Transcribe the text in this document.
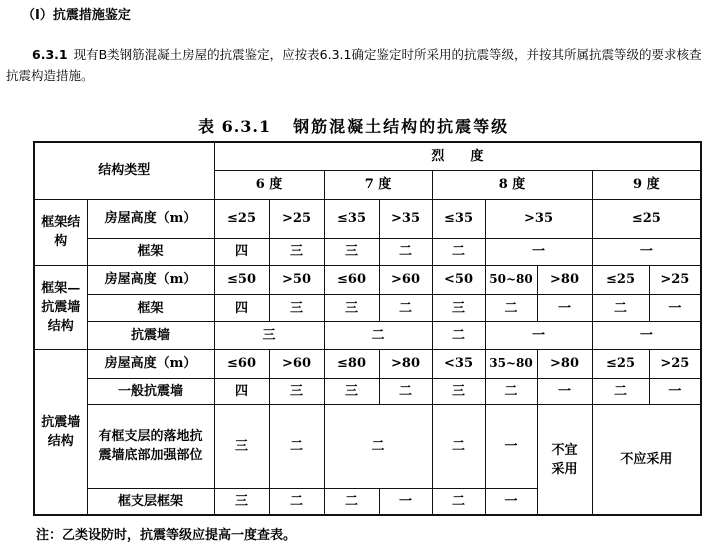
（I）抗震措施鉴定
6.3.1 现有B类钢筋混凝土房屋的抗震鉴定，应按表6.3.1确定鉴定时所采用的抗震等级，并按其所属抗震等级的要求核查抗震构造措施。
表 6.3.1 钢筋混凝土结构的抗震等级
结构类型		烈　　度								
		6 度		7 度		8 度			9 度	
框架结构	房屋高度（m）	≤25	>25	≤35	>35	≤35	>35		≤25	
	框架	四	三	三	二	二	一		一	
框架—抗震墙结构	房屋高度（m）	≤50	>50	≤60	>60	<50	50~80	>80	≤25	>25
	框架	四	三	三	二	三	二	一	二	一
	抗震墙	三		二		二	一		一	
抗震墙结构	房屋高度（m）	≤60	>60	≤80	>80	<35	35~80	>80	≤25	>25
	一般抗震墙	四	三	三	二	三	二	一	二	一
	有框支层的落地抗震墙底部加强部位	三	二	二		二	一	不宜采用	不应采用	
	框支层框架	三	二	二	一	二	一			
注：乙类设防时，抗震等级应提高一度查表。
